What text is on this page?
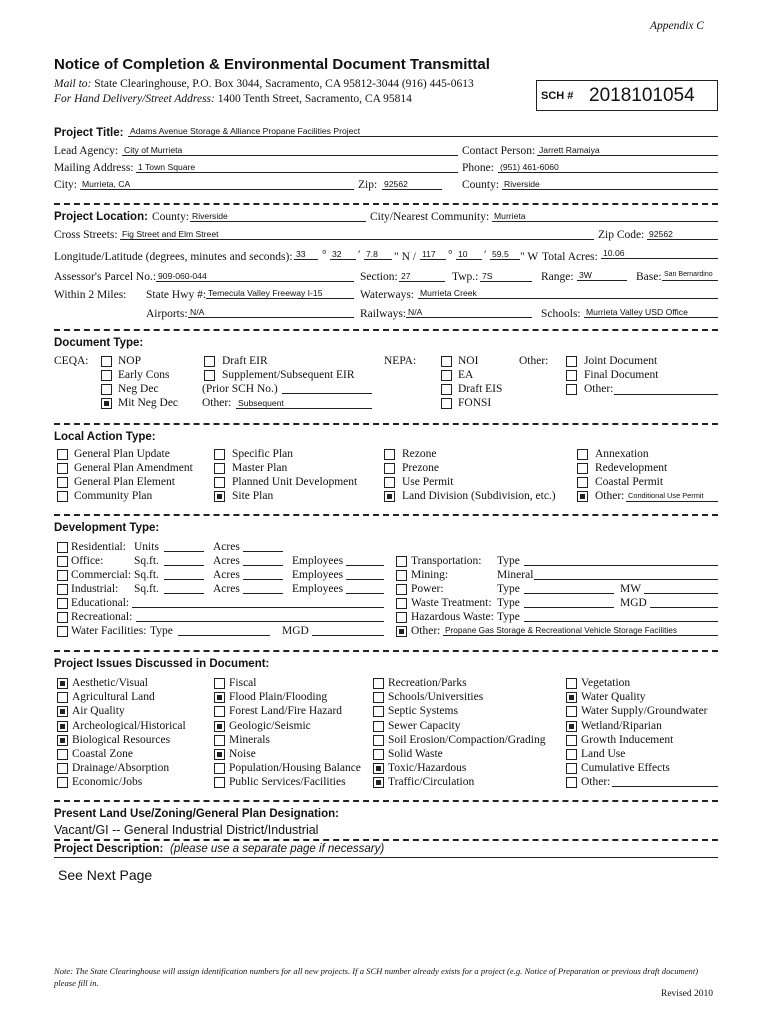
Appendix C
Notice of Completion & Environmental Document Transmittal
Mail to: State Clearinghouse, P.O. Box 3044, Sacramento, CA 95812-3044 (916) 445-0613
For Hand Delivery/Street Address: 1400 Tenth Street, Sacramento, CA 95814	SCH # 2018101054
Project Title: Adams Avenue Storage & Alliance Propane Facilities Project
Lead Agency: City of Murrieta	Contact Person: Jarrett Ramaiya
Mailing Address: 1 Town Square	Phone: (951) 461-6060
City: Murrieta, CA	Zip: 92562	County: Riverside
Project Location: County: Riverside	City/Nearest Community: Murrieta
Cross Streets: Fig Street and Elm Street	Zip Code: 92562
Longitude/Latitude (degrees, minutes and seconds): 33	° 32	′ 7.8	" N / 117	° 10	′ 59.5 " W Total Acres: 10.06
Assessor's Parcel No.: 909-060-044	Section: 27	Twp.: 7S	Range: 3W	Base: San Bernardino
Within 2 Miles: State Hwy #: Temecula Valley Freeway I-15	Waterways: Murrieta Creek
Airports: N/A	Railways: N/A	Schools: Murrieta Valley USD Office
Document Type:
CEQA:	NOP
Early Cons
Neg Dec
Mit Neg Dec
Draft EIR
Supplement/Subsequent EIR
(Prior SCH No.)
Other: Subsequent
NEPA:	NOI
EA
Draft EIS
FONSI
Other:	Joint Document
Final Document
Other:
Local Action Type:
General Plan Update
General Plan Amendment
General Plan Element
Community Plan
Specific Plan
Master Plan
Planned Unit Development
Site Plan
Rezone
Prezone
Use Permit
Land Division (Subdivision, etc.)
Annexation
Redevelopment
Coastal Permit
Other: Conditional Use Permit
Development Type:
Residential: Units	Acres
Office:	Sq.ft.	Acres	Employees
Commercial: Sq.ft.	Acres	Employees
Industrial: Sq.ft.	Acres	Employees
Educational:
Recreational:
Water Facilities: Type	MGD
Transportation: Type
Mining:	Mineral
Power:	Type	MW
Waste Treatment: Type	MGD
Hazardous Waste: Type
Other: Propane Gas Storage & Recreational Vehicle Storage Facilities
Project Issues Discussed in Document:
Aesthetic/Visual
Agricultural Land
Air Quality
Archeological/Historical
Biological Resources
Coastal Zone
Drainage/Absorption
Economic/Jobs
Fiscal
Flood Plain/Flooding
Forest Land/Fire Hazard
Geologic/Seismic
Minerals
Noise
Population/Housing Balance
Public Services/Facilities
Recreation/Parks
Schools/Universities
Septic Systems
Sewer Capacity
Soil Erosion/Compaction/Grading
Solid Waste
Toxic/Hazardous
Traffic/Circulation
Vegetation
Water Quality
Water Supply/Groundwater
Wetland/Riparian
Growth Inducement
Land Use
Cumulative Effects
Other:
Present Land Use/Zoning/General Plan Designation:
Vacant/GI -- General Industrial District/Industrial
Project Description: (please use a separate page if necessary)
See Next Page
Note: The State Clearinghouse will assign identification numbers for all new projects. If a SCH number already exists for a project (e.g. Notice of Preparation or previous draft document) please fill in.
Revised 2010
